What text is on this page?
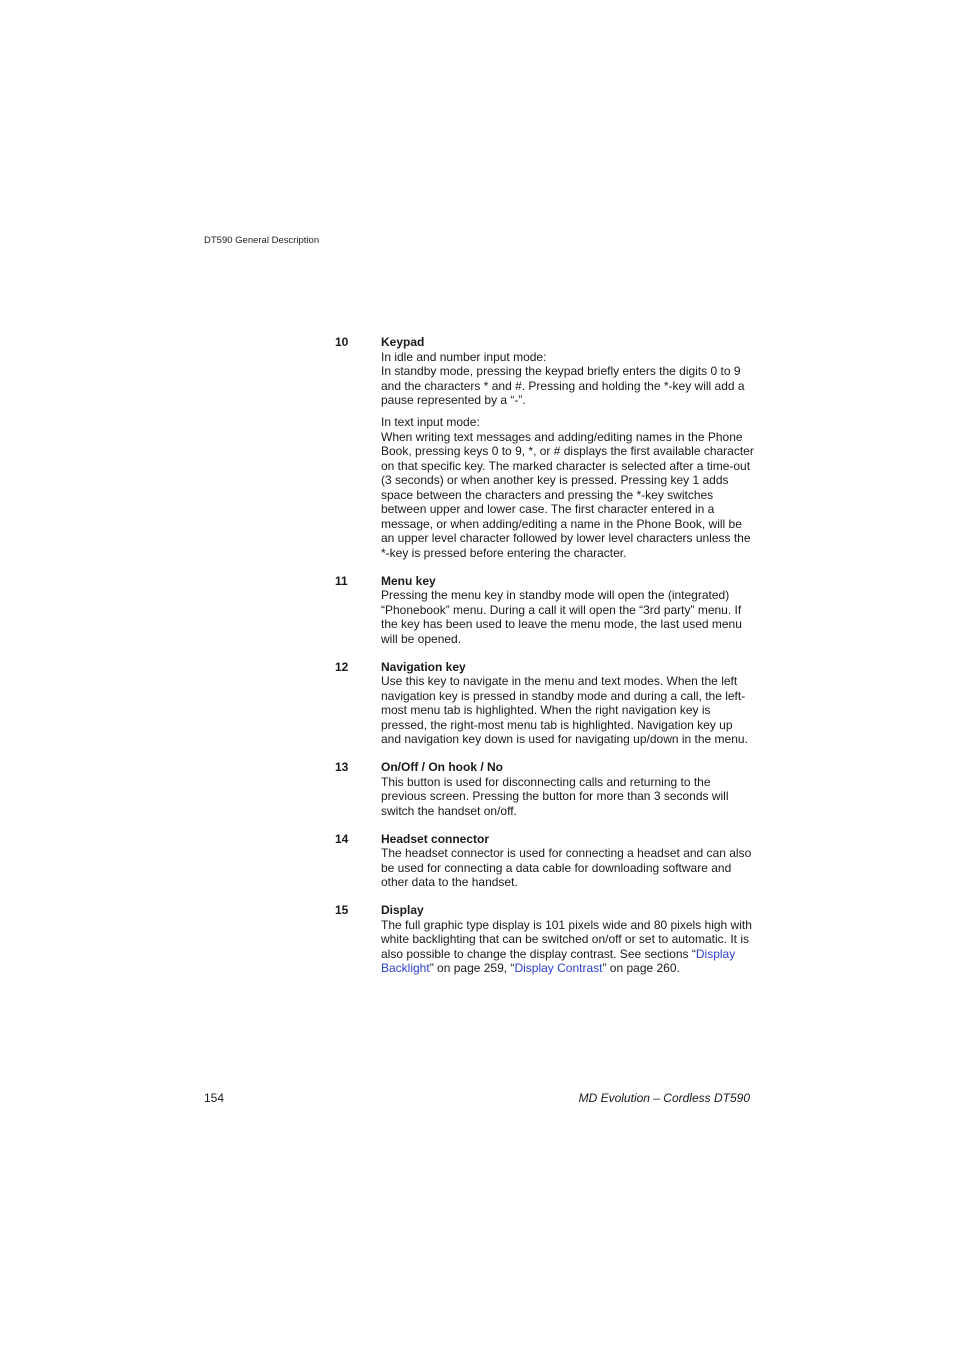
DT590 General Description
10	Keypad

In idle and number input mode:
In standby mode, pressing the keypad briefly enters the digits 0 to 9 and the characters * and #. Pressing and holding the *-key will add a pause represented by a “-”.

In text input mode:
When writing text messages and adding/editing names in the Phone Book, pressing keys 0 to 9, *, or # displays the first available character on that specific key. The marked character is selected after a time-out (3 seconds) or when another key is pressed. Pressing key 1 adds space between the characters and pressing the *-key switches between upper and lower case. The first character entered in a message, or when adding/editing a name in the Phone Book, will be an upper level character followed by lower level characters unless the *-key is pressed before entering the character.

11	Menu key

Pressing the menu key in standby mode will open the (integrated) “Phonebook” menu. During a call it will open the “3rd party” menu. If the key has been used to leave the menu mode, the last used menu will be opened.

12	Navigation key

Use this key to navigate in the menu and text modes. When the left navigation key is pressed in standby mode and during a call, the left-most menu tab is highlighted. When the right navigation key is pressed, the right-most menu tab is highlighted. Navigation key up and navigation key down is used for navigating up/down in the menu.

13	On/Off / On hook / No

This button is used for disconnecting calls and returning to the previous screen. Pressing the button for more than 3 seconds will switch the handset on/off.

14	Headset connector

The headset connector is used for connecting a headset and can also be used for connecting a data cable for downloading software and other data to the handset.

15	Display

The full graphic type display is 101 pixels wide and 80 pixels high with white backlighting that can be switched on/off or set to automatic. It is also possible to change the display contrast. See sections “Display Backlight” on page 259, “Display Contrast” on page 260.

154	MD Evolution – Cordless DT590
